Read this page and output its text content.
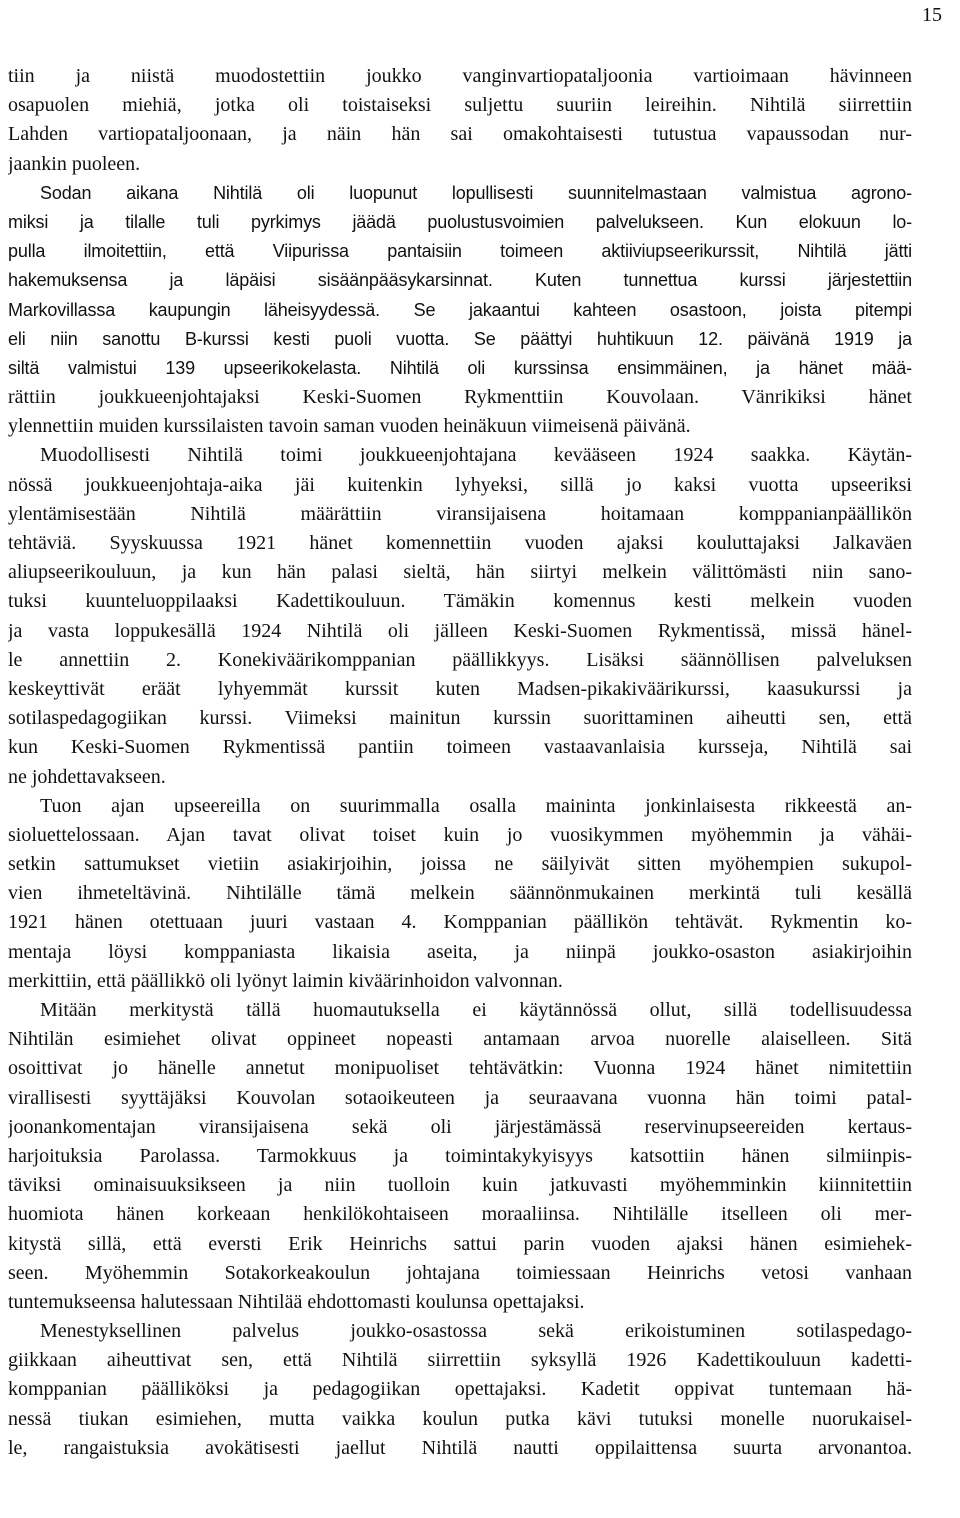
15
tiin ja niistä muodostettiin joukko vanginvartiopataljoonia vartioimaan hävinneen
osapuolen miehiä, jotka oli toistaiseksi suljettu suuriin leireihin. Nihtilä siirrettiin
Lahden vartiopataljoonaan, ja näin hän sai omakohtaisesti tutustua vapaussodan nur-
jaankin puoleen.
Sodan aikana Nihtilä oli luopunut lopullisesti suunnitelmastaan valmistua agrono-
miksi ja tilalle tuli pyrkimys jäädä puolustusvoimien palvelukseen. Kun elokuun lo-
pulla ilmoitettiin, että Viipurissa pantaisiin toimeen aktiiviupseerikurssit, Nihtilä jätti
hakemuksensa ja läpäisi sisäänpääsykarsinnat. Kuten tunnettua kurssi järjestettiin
Markovillassa kaupungin läheisyydessä. Se jakaantui kahteen osastoon, joista pitempi
eli niin sanottu B-kurssi kesti puoli vuotta. Se päättyi huhtikuun 12. päivänä 1919 ja
siltä valmistui 139 upseerikokelasta. Nihtilä oli kurssinsa ensimmäinen, ja hänet mää-
rättiin joukkueenjohtajaksi Keski-Suomen Rykmenttiin Kouvolaan. Vänrikiksi hänet
ylennettiin muiden kurssilaisten tavoin saman vuoden heinäkuun viimeisenä päivänä.
Muodollisesti Nihtilä toimi joukkueenjohtajana kevääseen 1924 saakka. Käytän-
nössä joukkueenjohtaja-aika jäi kuitenkin lyhyeksi, sillä jo kaksi vuotta upseeriksi
ylentämisestään Nihtilä määrättiin viransijaisena hoitamaan komppanianpäällikön
tehtäviä. Syyskuussa 1921 hänet komennettiin vuoden ajaksi kouluttajaksi Jalkaväen
aliupseerikouluun, ja kun hän palasi sieltä, hän siirtyi melkein välittömästi niin sano-
tuksi kuunteluoppilaaksi Kadettikouluun. Tämäkin komennus kesti melkein vuoden
ja vasta loppukesällä 1924 Nihtilä oli jälleen Keski-Suomen Rykmentissä, missä hänel-
le annettiin 2. Konekiväärikomppanian päällikkyys. Lisäksi säännöllisen palveluksen
keskeyttivät eräät lyhyemmät kurssit kuten Madsen-pikakiväärikurssi, kaasukurssi ja
sotilaspedagogiikan kurssi. Viimeksi mainitun kurssin suorittaminen aiheutti sen, että
kun Keski-Suomen Rykmentissä pantiin toimeen vastaavanlaisia kursseja, Nihtilä sai
ne johdettavakseen.
Tuon ajan upseereilla on suurimmalla osalla maininta jonkinlaisesta rikkeestä an-
sioluettelossaan. Ajan tavat olivat toiset kuin jo vuosikymmen myöhemmin ja vähäi-
setkin sattumukset vietiin asiakirjoihin, joissa ne säilyivät sitten myöhempien sukupol-
vien ihmeteltävinä. Nihtilälle tämä melkein säännönmukainen merkintä tuli kesällä
1921 hänen otettuaan juuri vastaan 4. Komppanian päällikön tehtävät. Rykmentin ko-
mentaja löysi komppaniasta likaisia aseita, ja niinpä joukko-osaston asiakirjoihin
merkittiin, että päällikkö oli lyönyt laimin kiväärinhoidon valvonnan.
Mitään merkitystä tällä huomautuksella ei käytännössä ollut, sillä todellisuudessa
Nihtilän esimiehet olivat oppineet nopeasti antamaan arvoa nuorelle alaiselleen. Sitä
osoittivat jo hänelle annetut monipuoliset tehtävätkin: Vuonna 1924 hänet nimitettiin
virallisesti syyttäjäksi Kouvolan sotaoikeuteen ja seuraavana vuonna hän toimi patal-
joonankomentajan viransijaisena sekä oli järjestämässä reservinupseereiden kertaus-
harjoituksia Parolassa. Tarmokkuus ja toimintakykyisyys katsottiin hänen silmiinpis-
täviksi ominaisuuksikseen ja niin tuolloin kuin jatkuvasti myöhemminkin kiinnitettiin
huomiota hänen korkeaan henkilökohtaiseen moraaliinsa. Nihtilälle itselleen oli mer-
kitystä sillä, että eversti Erik Heinrichs sattui parin vuoden ajaksi hänen esimiehek-
seen. Myöhemmin Sotakorkeakoulun johtajana toimiessaan Heinrichs vetosi vanhaan
tuntemukseensa halutessaan Nihtilää ehdottomasti koulunsa opettajaksi.
Menestyksellinen palvelus joukko-osastossa sekä erikoistuminen sotilaspedago-
giikkaan aiheuttivat sen, että Nihtilä siirrettiin syksyllä 1926 Kadettikouluun kadetti-
komppanian päälliköksi ja pedagogiikan opettajaksi. Kadetit oppivat tuntemaan hä-
nessä tiukan esimiehen, mutta vaikka koulun putka kävi tutuksi monelle nuorukaisel-
le, rangaistuksia avokätisesti jaellut Nihtilä nautti oppilaittensa suurta arvonantoa.
